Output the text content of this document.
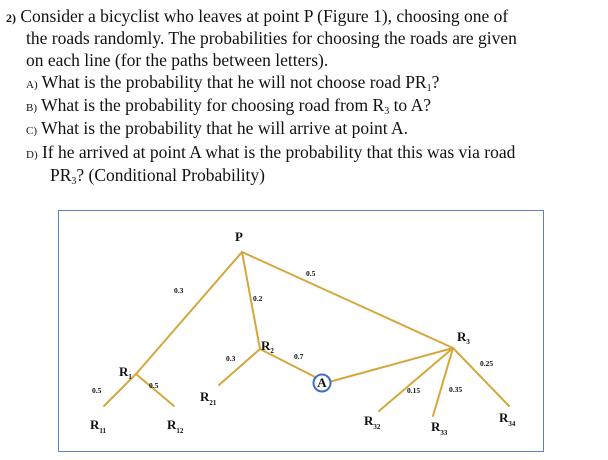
2) Consider a bicyclist who leaves at point P (Figure 1), choosing one of
the roads randomly. The probabilities for choosing the roads are given
on each line (for the paths between letters).
A) What is the probability that he will not choose road $PR_1$?
B) What is the probability for choosing road from $R_3$ to A?
C) What is the probability that he will arrive at point A.
D) If he arrived at point A what is the probability that this was via road
$PR_3$? (Conditional Probability)
A
P
$R_1$
$R_2$
$R_3$
$R_{11}$	$R_{12}$
$R_{21}$
$R_{32}$	$R_{33}$
$R_{34}$
0.3
0.2
0.5
0.5
0.5
0.3	0.7
0.15	0.35
0.25
